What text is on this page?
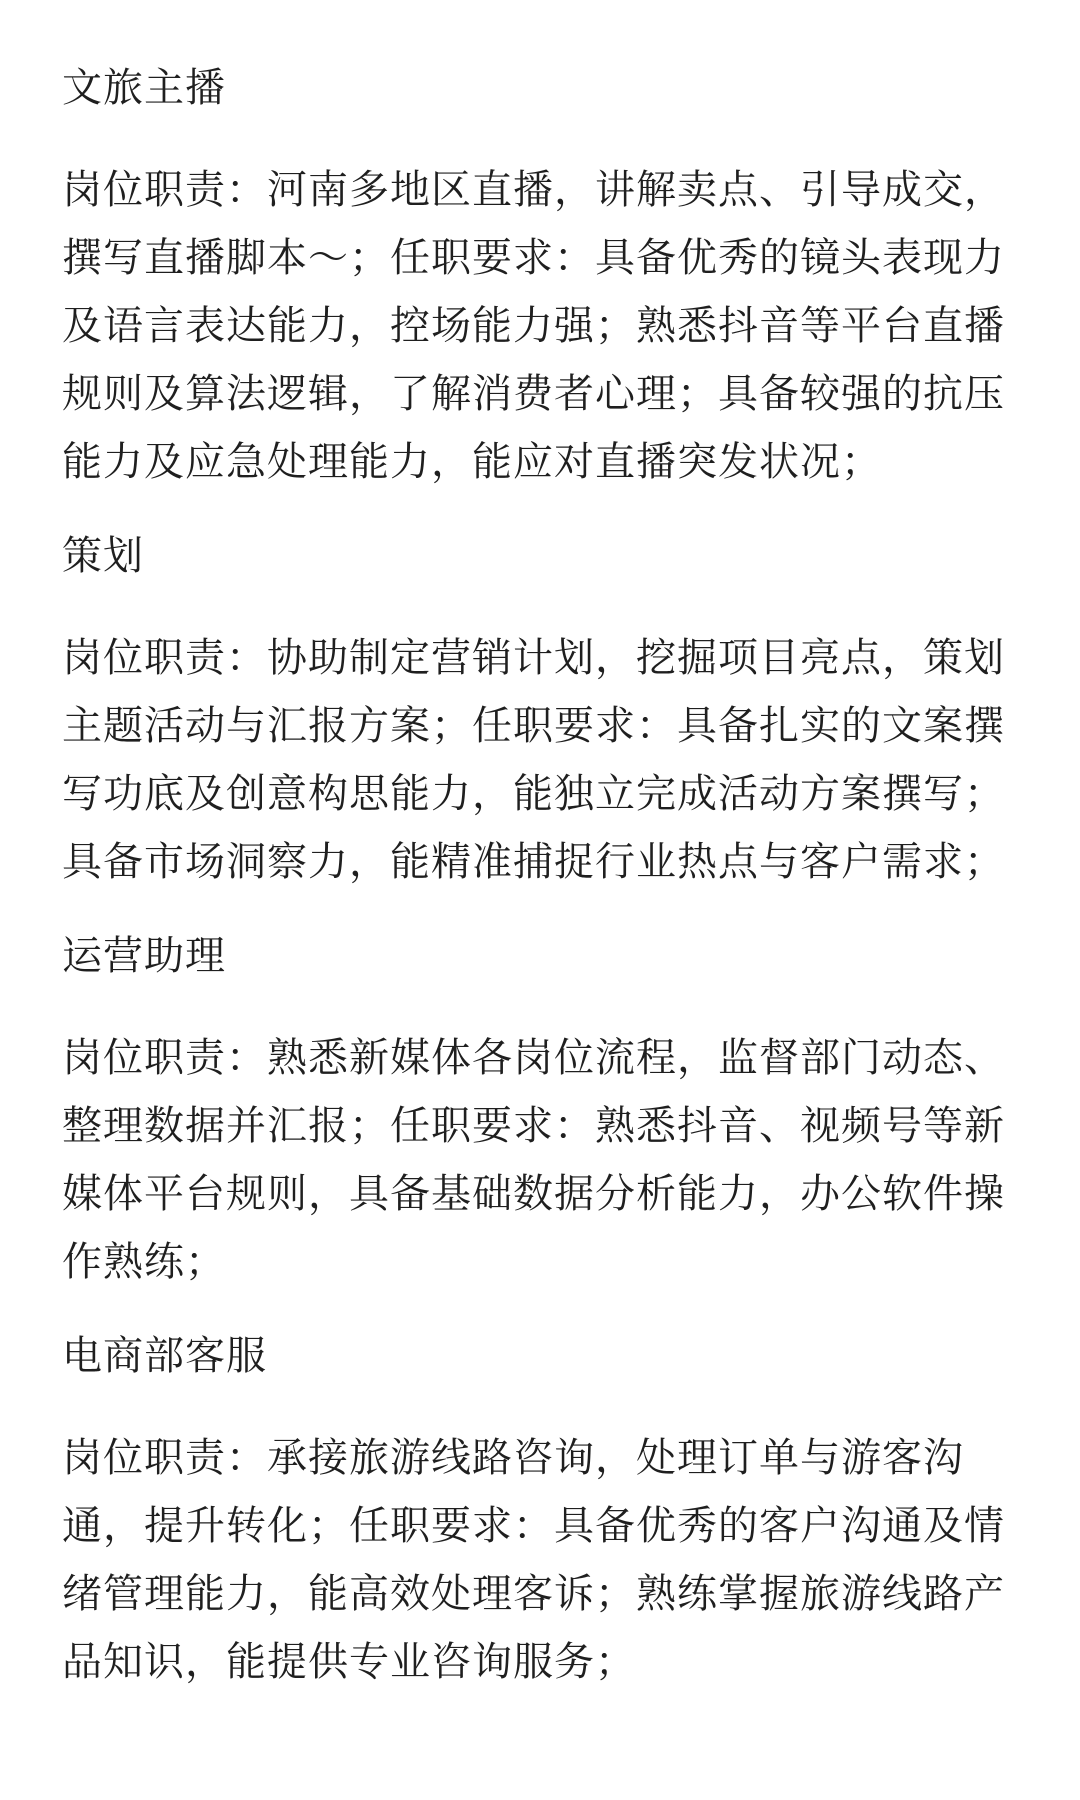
文旅主播
岗位职责：河南多地区直播，讲解卖点、引导成交，
撰写直播脚本～；任职要求：具备优秀的镜头表现力
及语言表达能力，控场能力强；熟悉抖音等平台直播
规则及算法逻辑，了解消费者心理；具备较强的抗压
能力及应急处理能力，能应对直播突发状况；
策划
岗位职责：协助制定营销计划，挖掘项目亮点，策划
主题活动与汇报方案；任职要求：具备扎实的文案撰
写功底及创意构思能力，能独立完成活动方案撰写；
具备市场洞察力，能精准捕捉行业热点与客户需求；
运营助理
岗位职责：熟悉新媒体各岗位流程，监督部门动态、
整理数据并汇报；任职要求：熟悉抖音、视频号等新
媒体平台规则，具备基础数据分析能力，办公软件操
作熟练；
电商部客服
岗位职责：承接旅游线路咨询，处理订单与游客沟
通，提升转化；任职要求：具备优秀的客户沟通及情
绪管理能力，能高效处理客诉；熟练掌握旅游线路产
品知识，能提供专业咨询服务；
